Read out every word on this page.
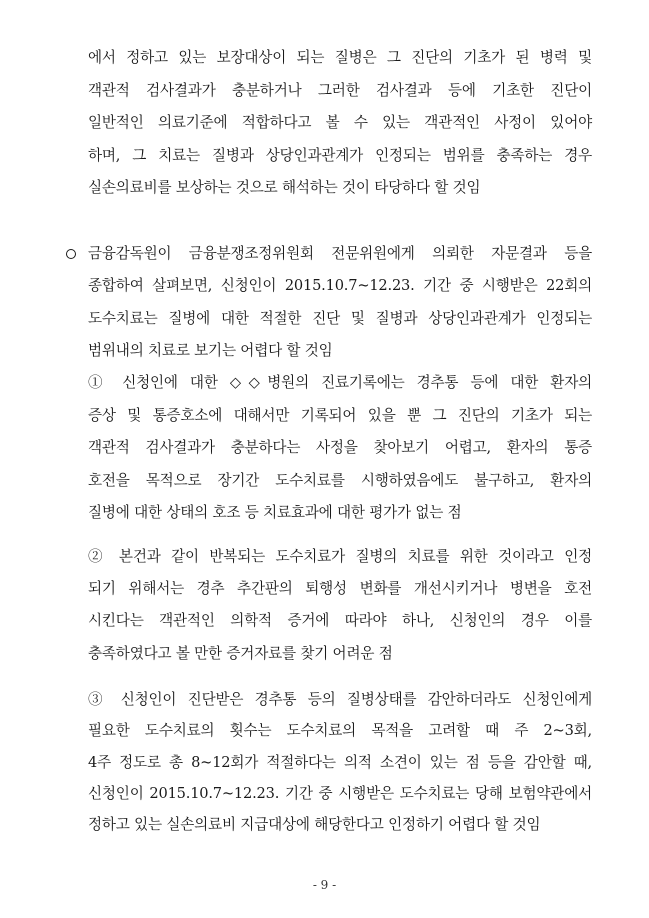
에서 정하고 있는 보장대상이 되는 질병은 그 진단의 기초가 된 병력 및
객관적 검사결과가 충분하거나 그러한 검사결과 등에 기초한 진단이
일반적인 의료기준에 적합하다고 볼 수 있는 객관적인 사정이 있어야
하며, 그 치료는 질병과 상당인과관계가 인정되는 범위를 충족하는 경우
실손의료비를 보상하는 것으로 해석하는 것이 타당하다 할 것임
금융감독원이 금융분쟁조정위원회 전문위원에게 의뢰한 자문결과 등을
종합하여 살펴보면, 신청인이 2015.10.7~12.23. 기간 중 시행받은 22회의
도수치료는 질병에 대한 적절한 진단 및 질병과 상당인과관계가 인정되는
범위내의 치료로 보기는 어렵다 할 것임
① 신청인에 대한 ◇◇병원의 진료기록에는 경추통 등에 대한 환자의
증상 및 통증호소에 대해서만 기록되어 있을 뿐 그 진단의 기초가 되는
객관적 검사결과가 충분하다는 사정을 찾아보기 어렵고, 환자의 통증
호전을 목적으로 장기간 도수치료를 시행하였음에도 불구하고, 환자의
질병에 대한 상태의 호조 등 치료효과에 대한 평가가 없는 점
② 본건과 같이 반복되는 도수치료가 질병의 치료를 위한 것이라고 인정
되기 위해서는 경추 추간판의 퇴행성 변화를 개선시키거나 병변을 호전
시킨다는 객관적인 의학적 증거에 따라야 하나, 신청인의 경우 이를
충족하였다고 볼 만한 증거자료를 찾기 어려운 점
③ 신청인이 진단받은 경추통 등의 질병상태를 감안하더라도 신청인에게
필요한 도수치료의 횟수는 도수치료의 목적을 고려할 때 주 2~3회,
4주 정도로 총 8~12회가 적절하다는 의적 소견이 있는 점 등을 감안할 때,
신청인이 2015.10.7~12.23. 기간 중 시행받은 도수치료는 당해 보험약관에서
정하고 있는 실손의료비 지급대상에 해당한다고 인정하기 어렵다 할 것임
- 9 -
